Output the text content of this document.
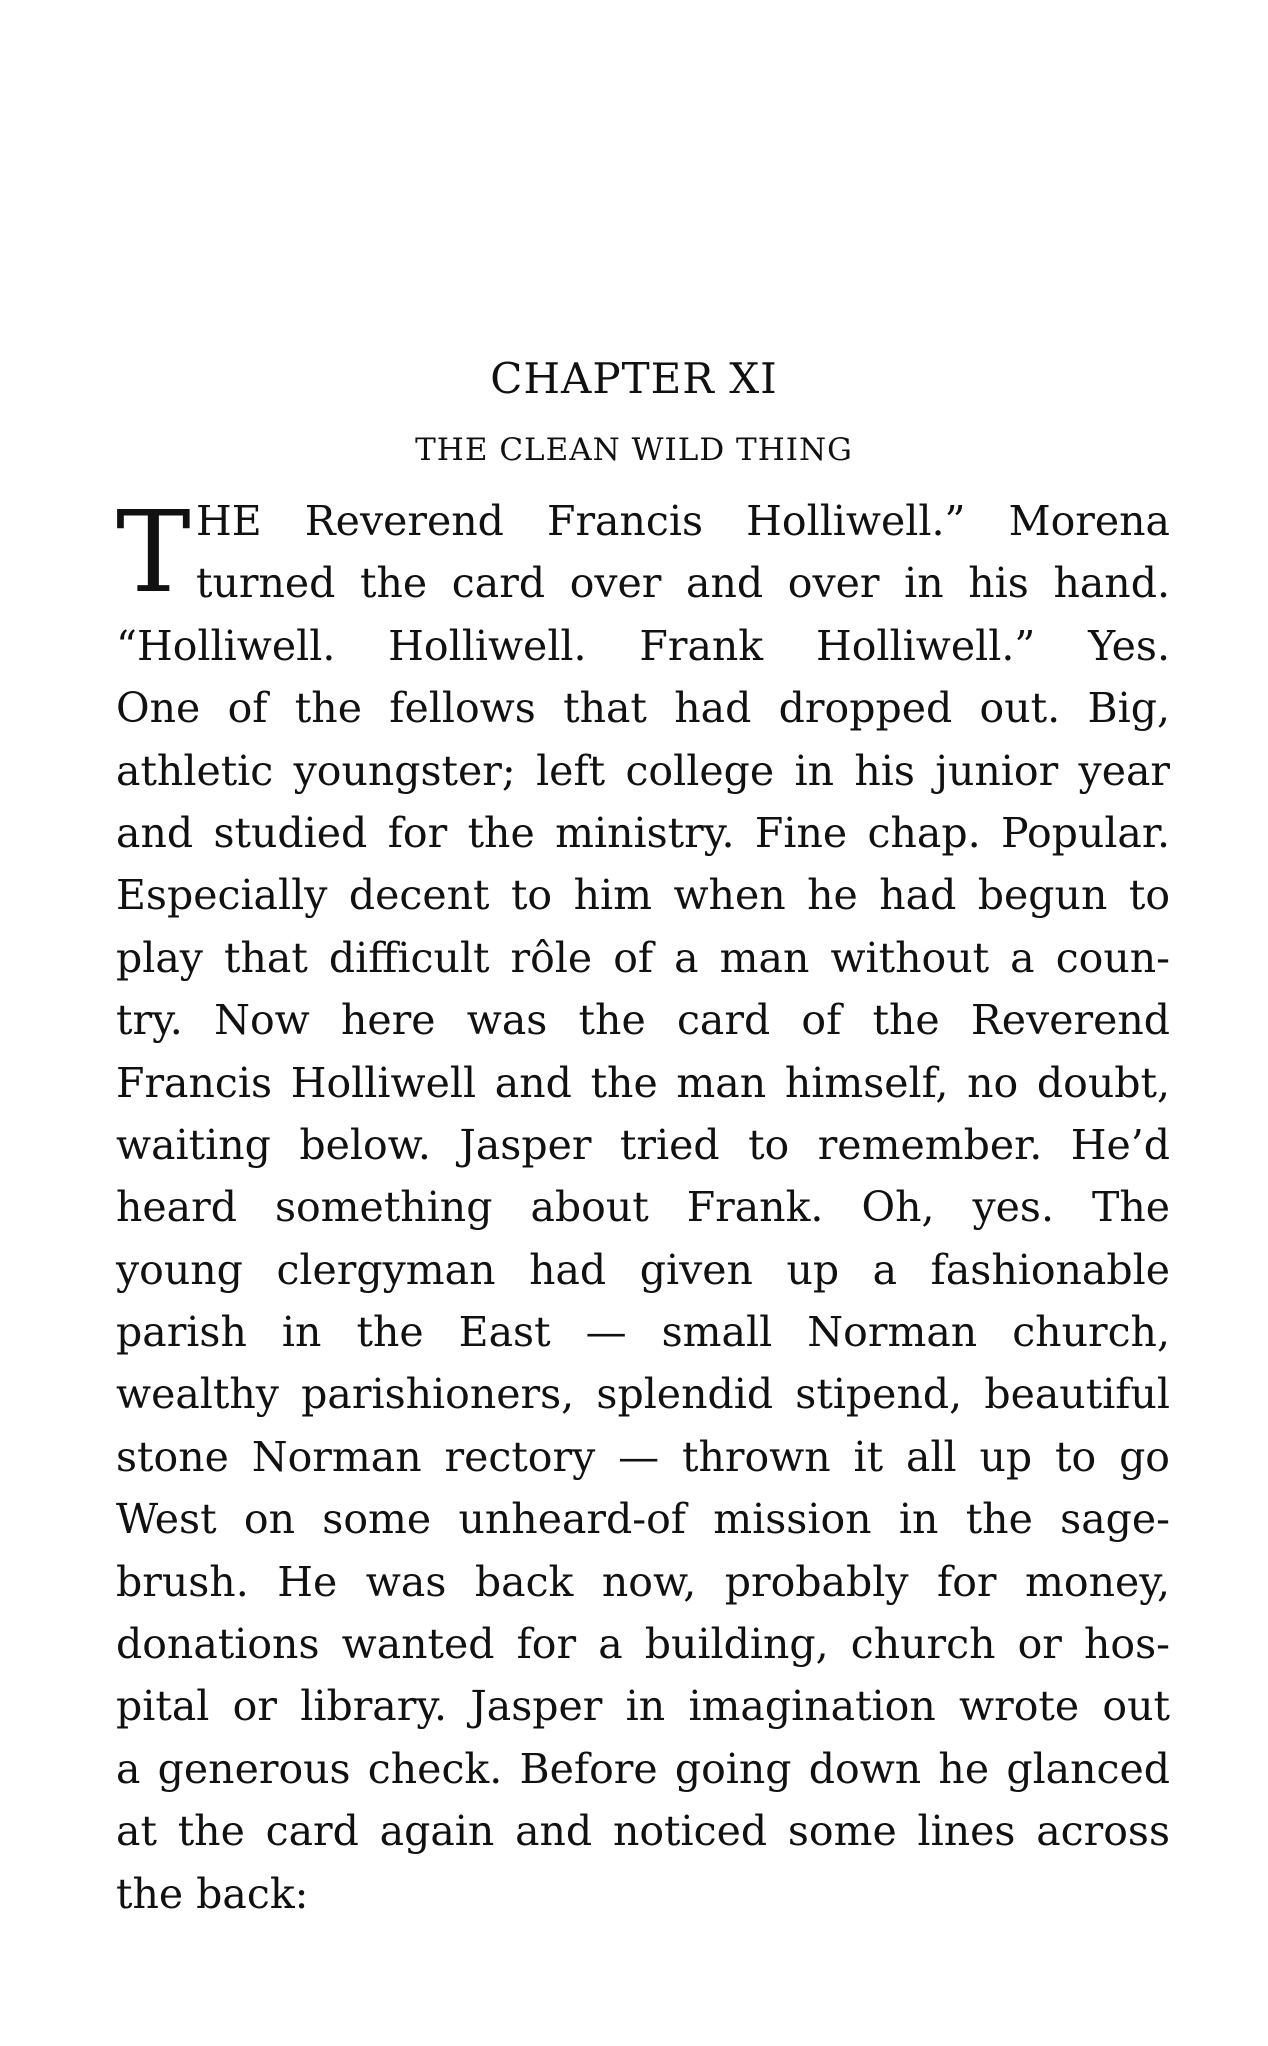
CHAPTER XI
THE CLEAN WILD THING
T HE Reverend Francis Holliwell.” Morena
turned the card over and over in his hand.
“Holliwell. Holliwell. Frank Holliwell.” Yes.
One of the fellows that had dropped out. Big,
athletic youngster; left college in his junior year
and studied for the ministry. Fine chap. Popular.
Especially decent to him when he had begun to
play that difficult rôle of a man without a coun-
try. Now here was the card of the Reverend
Francis Holliwell and the man himself, no doubt,
waiting below. Jasper tried to remember. He’d
heard something about Frank. Oh, yes. The
young clergyman had given up a fashionable
parish in the East — small Norman church,
wealthy parishioners, splendid stipend, beautiful
stone Norman rectory — thrown it all up to go
West on some unheard-of mission in the sage-
brush. He was back now, probably for money,
donations wanted for a building, church or hos-
pital or library. Jasper in imagination wrote out
a generous check. Before going down he glanced
at the card again and noticed some lines across
the back:
